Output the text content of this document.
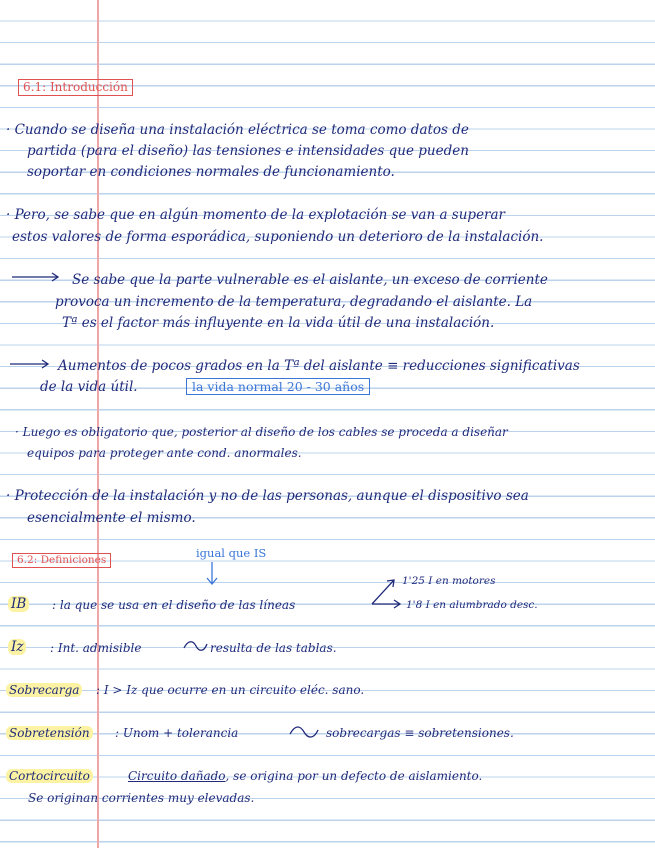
6.1: Introducción
· Cuando se diseña una instalación eléctrica se toma como datos de
partida (para el diseño) las tensiones e intensidades que pueden
soportar en condiciones normales de funcionamiento.
· Pero, se sabe que en algún momento de la explotación se van a superar
estos valores de forma esporádica, suponiendo un deterioro de la instalación.
Se sabe que la parte vulnerable es el aislante, un exceso de corriente
provoca un incremento de la temperatura, degradando el aislante. La
Tª es el factor más influyente en la vida útil de una instalación.
Aumentos de pocos grados en la Tª del aislante ≡ reducciones significativas
de la vida útil.	la vida normal 20 - 30 años
· Luego es obligatorio que, posterior al diseño de los cables se proceda a diseñar
equipos para proteger ante cond. anormales.
· Protección de la instalación y no de las personas, aunque el dispositivo sea
esencialmente el mismo.
6.2: Definiciones	igual que IS
IB : la que se usa en el diseño de las líneas
1'25 I en motores
1'8 I en alumbrado desc.
Iz : Int. admisible	resulta de las tablas.
Sobrecarga : I > Iz que ocurre en un circuito eléc. sano.
Sobretensión : Unom + tolerancia	sobrecargas ≡ sobretensiones.
Cortocircuito	Circuito dañado, se origina por un defecto de aislamiento.
Se originan corrientes muy elevadas.
